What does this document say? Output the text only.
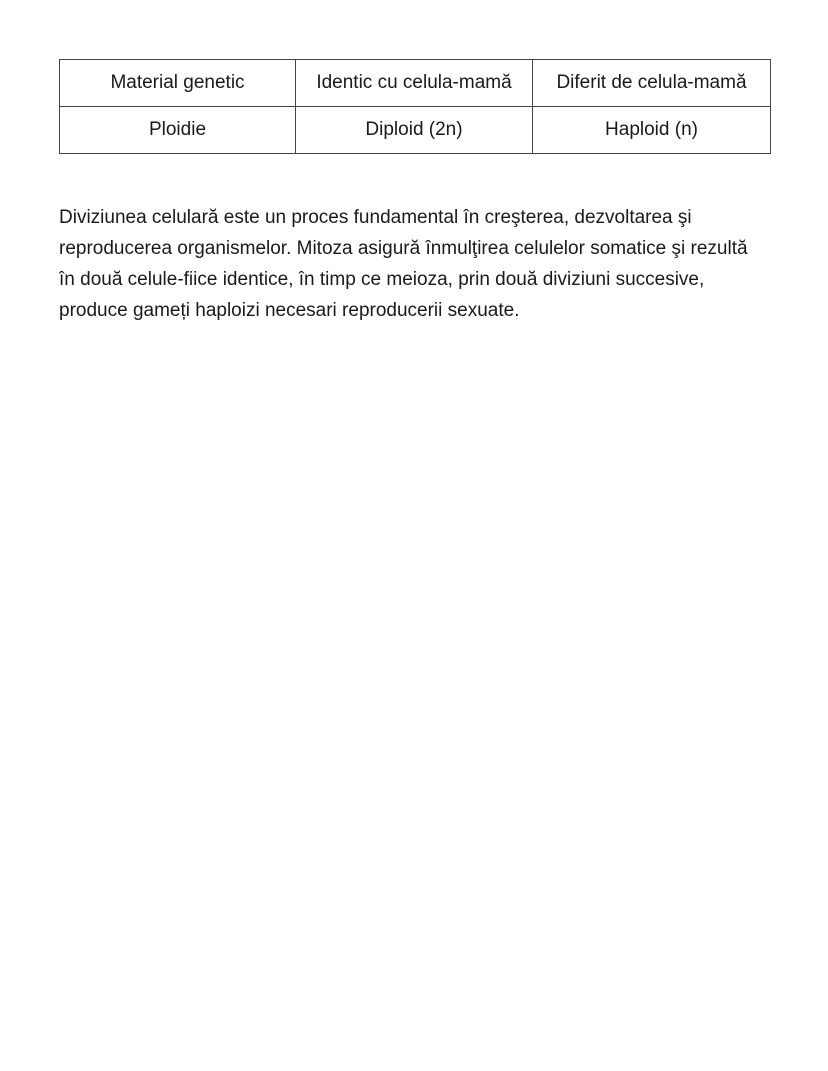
Material genetic	Identic cu celula-mamă	Diferit de celula-mamă
Ploidie	Diploid (2n)	Haploid (n)

Diviziunea celulară este un proces fundamental în creşterea, dezvoltarea şi reproducerea organismelor. Mitoza asigură înmulţirea celulelor somatice şi rezultă în două celule-fiice identice, în timp ce meioza, prin două diviziuni succesive, produce gameți haploizi necesari reproducerii sexuate.
